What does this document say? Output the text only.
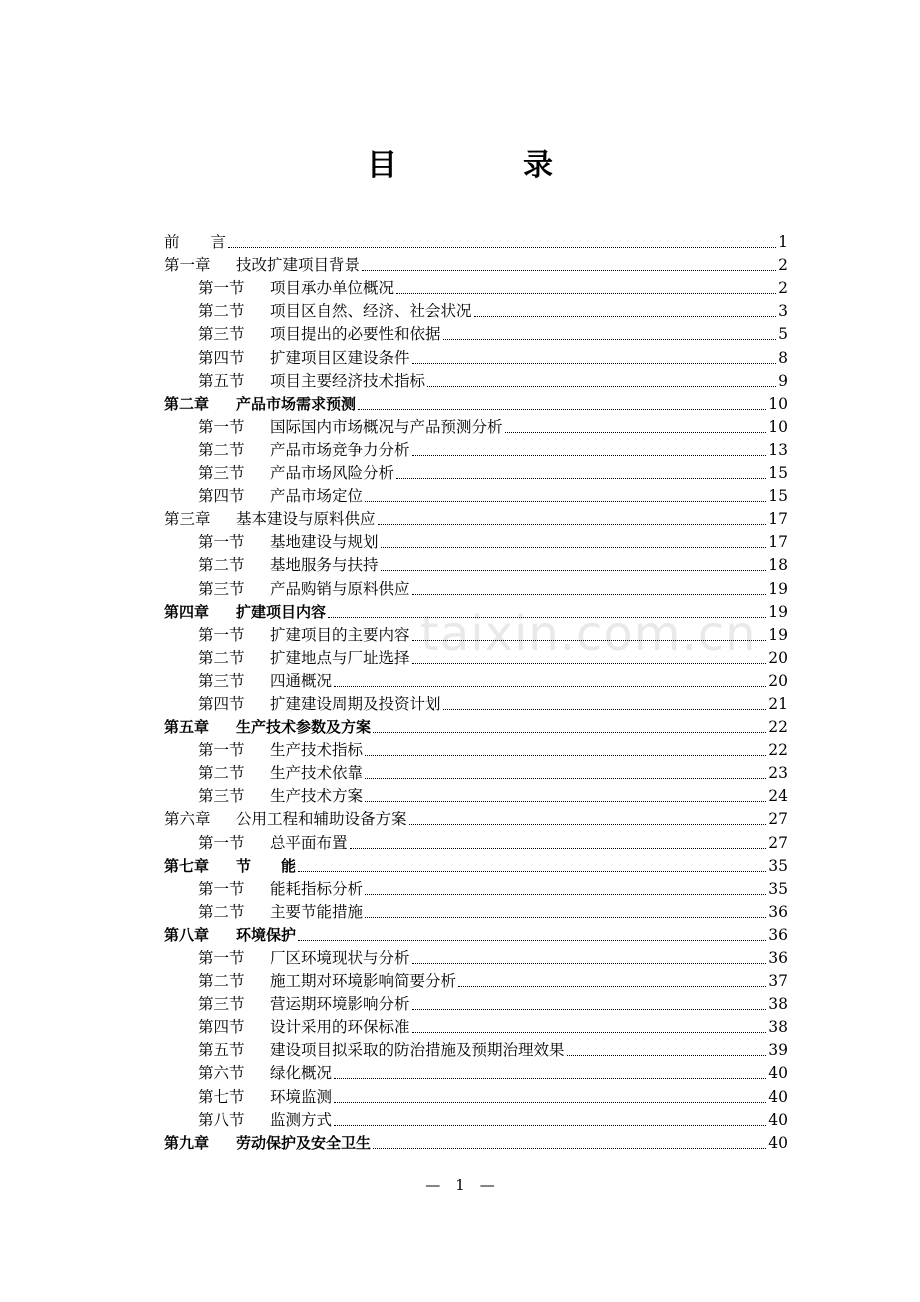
taixin.com.cn
目　录
前　　言	1
第一章	技改扩建项目背景	2
第一节	项目承办单位概况	2
第二节	项目区自然、经济、社会状况	3
第三节	项目提出的必要性和依据	5
第四节	扩建项目区建设条件	8
第五节	项目主要经济技术指标	9
第二章	产品市场需求预测	10
第一节	国际国内市场概况与产品预测分析	10
第二节	产品市场竞争力分析	13
第三节	产品市场风险分析	15
第四节	产品市场定位	15
第三章	基本建设与原料供应	17
第一节	基地建设与规划	17
第二节	基地服务与扶持	18
第三节	产品购销与原料供应	19
第四章	扩建项目内容	19
第一节	扩建项目的主要内容	19
第二节	扩建地点与厂址选择	20
第三节	四通概况	20
第四节	扩建建设周期及投资计划	21
第五章	生产技术参数及方案	22
第一节	生产技术指标	22
第二节	生产技术依靠	23
第三节	生产技术方案	24
第六章	公用工程和辅助设备方案	27
第一节	总平面布置	27
第七章	节　　能	35
第一节	能耗指标分析	35
第二节	主要节能措施	36
第八章	环境保护	36
第一节	厂区环境现状与分析	36
第二节	施工期对环境影响简要分析	37
第三节	营运期环境影响分析	38
第四节	设计采用的环保标准	38
第五节	建设项目拟采取的防治措施及预期治理效果	39
第六节	绿化概况	40
第七节	环境监测	40
第八节	监测方式	40
第九章	劳动保护及安全卫生	40
—　1　—
